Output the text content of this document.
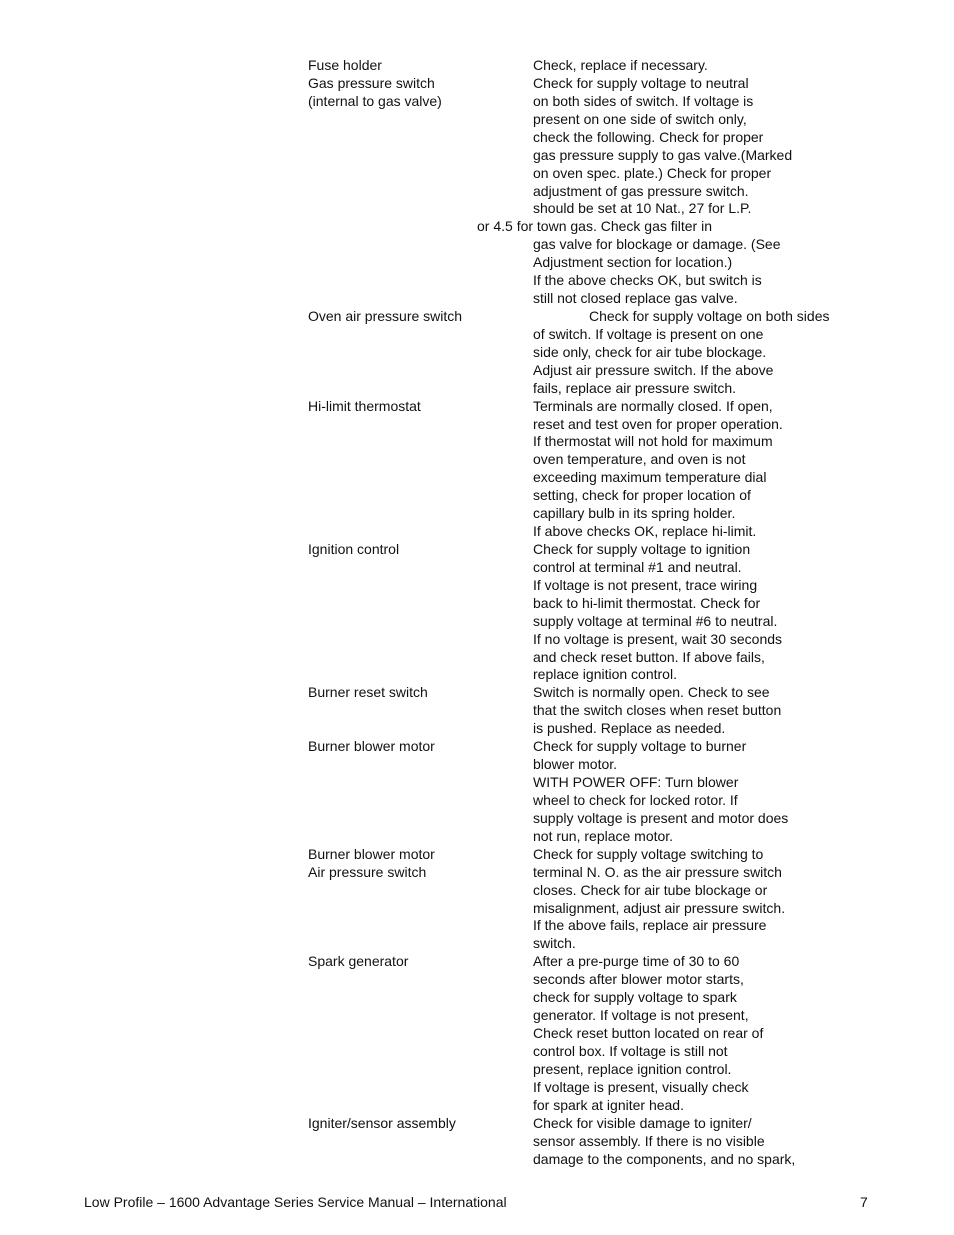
Fuse holder
Gas pressure switch
(internal to gas valve)
Oven air pressure switch
Hi-limit thermostat
Ignition control
Burner reset switch
Burner blower motor
Burner blower motor
Air pressure switch
Spark generator
Igniter/sensor assembly
Check, replace if necessary.
Check for supply voltage to neutral
on both sides of switch. If voltage is
present on one side of switch only,
check the following. Check for proper
gas pressure supply to gas valve.(Marked
on oven spec. plate.) Check for proper
adjustment of gas pressure switch.
should be set at 10 Nat., 27 for L.P.
or 4.5 for town gas. Check gas filter in
gas valve for blockage or damage. (See
Adjustment section for location.)
If the above checks OK, but switch is
still not closed replace gas valve.
Check for supply voltage on both sides
of switch. If voltage is present on one
side only, check for air tube blockage.
Adjust air pressure switch. If the above
fails, replace air pressure switch.
Terminals are normally closed. If open,
reset and test oven for proper operation.
If thermostat will not hold for maximum
oven temperature, and oven is not
exceeding maximum temperature dial
setting, check for proper location of
capillary bulb in its spring holder.
If above checks OK, replace hi-limit.
Check for supply voltage to ignition
control at terminal #1 and neutral.
If voltage is not present, trace wiring
back to hi-limit thermostat. Check for
supply voltage at terminal #6 to neutral.
If no voltage is present, wait 30 seconds
and check reset button. If above fails,
replace ignition control.
Switch is normally open. Check to see
that the switch closes when reset button
is pushed. Replace as needed.
Check for supply voltage to burner
blower motor.
WITH POWER OFF: Turn blower
wheel to check for locked rotor. If
supply voltage is present and motor does
not run, replace motor.
Check for supply voltage switching to
terminal N. O. as the air pressure switch
closes. Check for air tube blockage or
misalignment, adjust air pressure switch.
If the above fails, replace air pressure
switch.
After a pre-purge time of 30 to 60
seconds after blower motor starts,
check for supply voltage to spark
generator. If voltage is not present,
Check reset button located on rear of
control box. If voltage is still not
present, replace ignition control.
If voltage is present, visually check
for spark at igniter head.
Check for visible damage to igniter/
sensor assembly. If there is no visible
damage to the components, and no spark,
Low Profile – 1600 Advantage Series Service Manual – International	7
